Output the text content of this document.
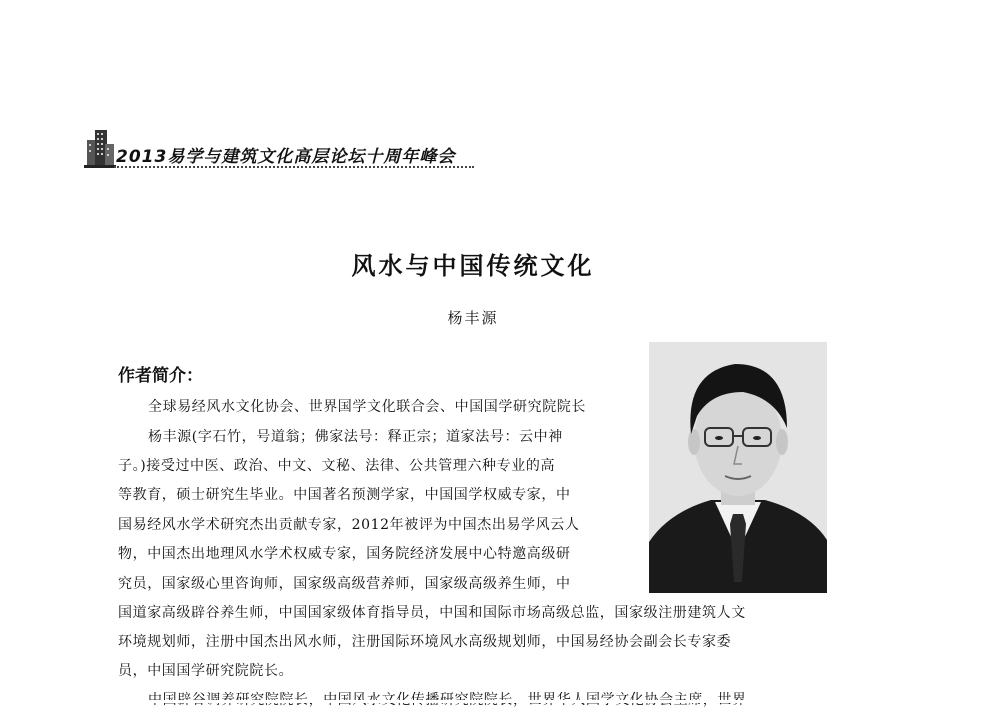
2013易学与建筑文化高层论坛十周年峰会
风水与中国传统文化
杨丰源
作者简介：
全球易经风水文化协会、世界国学文化联合会、中国国学研究院院长
杨丰源(字石竹，号道翁；佛家法号：释正宗；道家法号：云中神
子。)接受过中医、政治、中文、文秘、法律、公共管理六种专业的高
等教育，硕士研究生毕业。中国著名预测学家，中国国学权威专家，中
国易经风水学术研究杰出贡献专家，2012年被评为中国杰出易学风云人
物，中国杰出地理风水学术权威专家，国务院经济发展中心特邀高级研
究员，国家级心里咨询师，国家级高级营养师，国家级高级养生师，中
国道家高级辟谷养生师，中国国家级体育指导员，中国和国际市场高级总监，国家级注册建筑人文
环境规划师，注册中国杰出风水师，注册国际环境风水高级规划师，中国易经协会副会长专家委
员，中国国学研究院院长。
